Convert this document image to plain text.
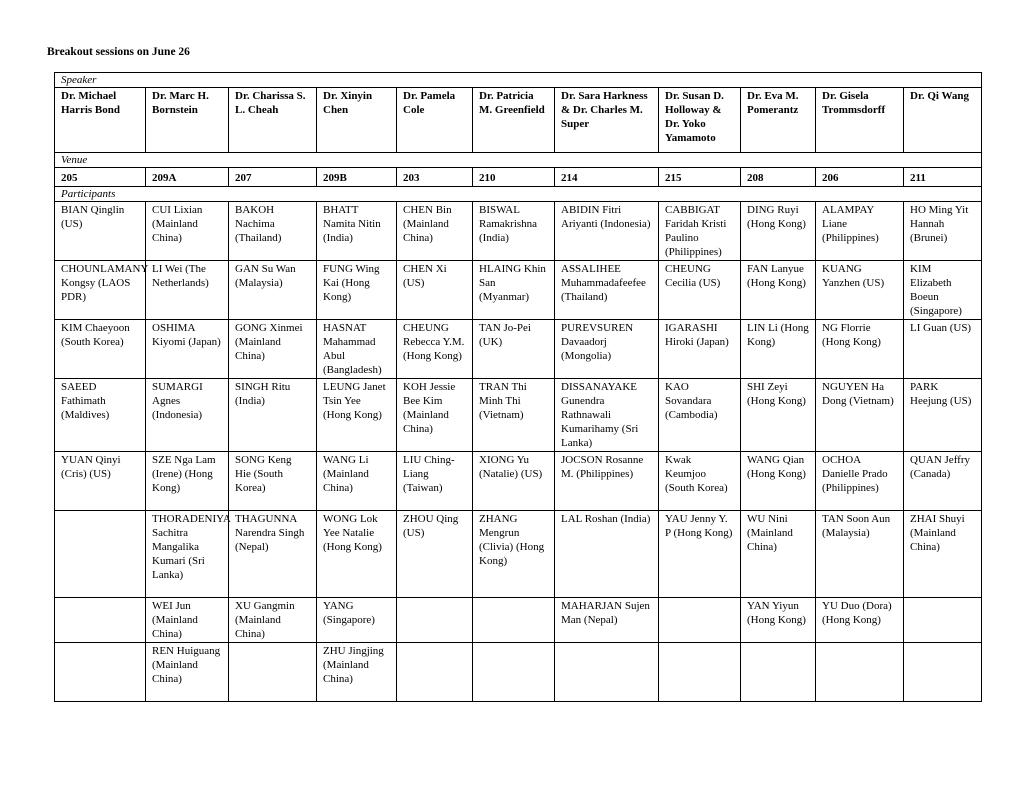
Breakout sessions on June 26
Speaker										
Dr. Michael Harris Bond	Dr. Marc H. Bornstein	Dr. Charissa S. L. Cheah	Dr. Xinyin Chen	Dr. Pamela Cole	Dr. Patricia M. Greenfield	Dr. Sara Harkness & Dr. Charles M. Super	Dr. Susan D. Holloway & Dr. Yoko Yamamoto	Dr. Eva M. Pomerantz	Dr. Gisela Trommsdorff	Dr. Qi Wang
Venue										
205	209A	207	209B	203	210	214	215	208	206	211
Participants										
BIAN Qinglin (US)	CUI Lixian (Mainland China)	BAKOH Nachima (Thailand)	BHATT Namita Nitin (India)	CHEN Bin (Mainland China)	BISWAL Ramakrishna (India)	ABIDIN Fitri Ariyanti (Indonesia)	CABBIGAT Faridah Kristi Paulino (Philippines)	DING Ruyi (Hong Kong)	ALAMPAY Liane (Philippines)	HO Ming Yit Hannah (Brunei)
CHOUNLAMANY Kongsy (LAOS PDR)	LI Wei (The Netherlands)	GAN Su Wan (Malaysia)	FUNG Wing Kai (Hong Kong)	CHEN Xi (US)	HLAING Khin San (Myanmar)	ASSALIHEE Muhammadafeefee (Thailand)	CHEUNG Cecilia (US)	FAN Lanyue (Hong Kong)	KUANG Yanzhen (US)	KIM Elizabeth Boeun (Singapore)
KIM Chaeyoon (South Korea)	OSHIMA Kiyomi (Japan)	GONG Xinmei (Mainland China)	HASNAT Mahammad Abul (Bangladesh)	CHEUNG Rebecca Y.M. (Hong Kong)	TAN Jo-Pei (UK)	PUREVSUREN Davaadorj (Mongolia)	IGARASHI Hiroki (Japan)	LIN Li (Hong Kong)	NG Florrie (Hong Kong)	LI Guan (US)
SAEED Fathimath (Maldives)	SUMARGI Agnes (Indonesia)	SINGH Ritu (India)	LEUNG Janet Tsin Yee (Hong Kong)	KOH Jessie Bee Kim (Mainland China)	TRAN Thi Minh Thi (Vietnam)	DISSANAYAKE Gunendra Rathnawali Kumarihamy (Sri Lanka)	KAO Sovandara (Cambodia)	SHI Zeyi (Hong Kong)	NGUYEN Ha Dong (Vietnam)	PARK Heejung (US)
YUAN Qinyi (Cris) (US)	SZE Nga Lam (Irene) (Hong Kong)	SONG Keng Hie (South Korea)	WANG Li (Mainland China)	LIU Ching-Liang (Taiwan)	XIONG Yu (Natalie) (US)	JOCSON Rosanne M. (Philippines)	Kwak Keumjoo (South Korea)	WANG Qian (Hong Kong)	OCHOA Danielle Prado (Philippines)	QUAN Jeffry (Canada)
	THORADENIYA Sachitra Mangalika Kumari (Sri Lanka)	THAGUNNA Narendra Singh (Nepal)	WONG Lok Yee Natalie (Hong Kong)	ZHOU Qing (US)	ZHANG Mengrun (Clivia) (Hong Kong)	LAL Roshan (India)	YAU Jenny Y. P (Hong Kong)	WU Nini (Mainland China)	TAN Soon Aun (Malaysia)	ZHAI Shuyi (Mainland China)
	WEI Jun (Mainland China)	XU Gangmin (Mainland China)	YANG (Singapore)			MAHARJAN Sujen Man (Nepal)		YAN Yiyun (Hong Kong)	YU Duo (Dora) (Hong Kong)	
	REN Huiguang (Mainland China)		ZHU Jingjing (Mainland China)							
